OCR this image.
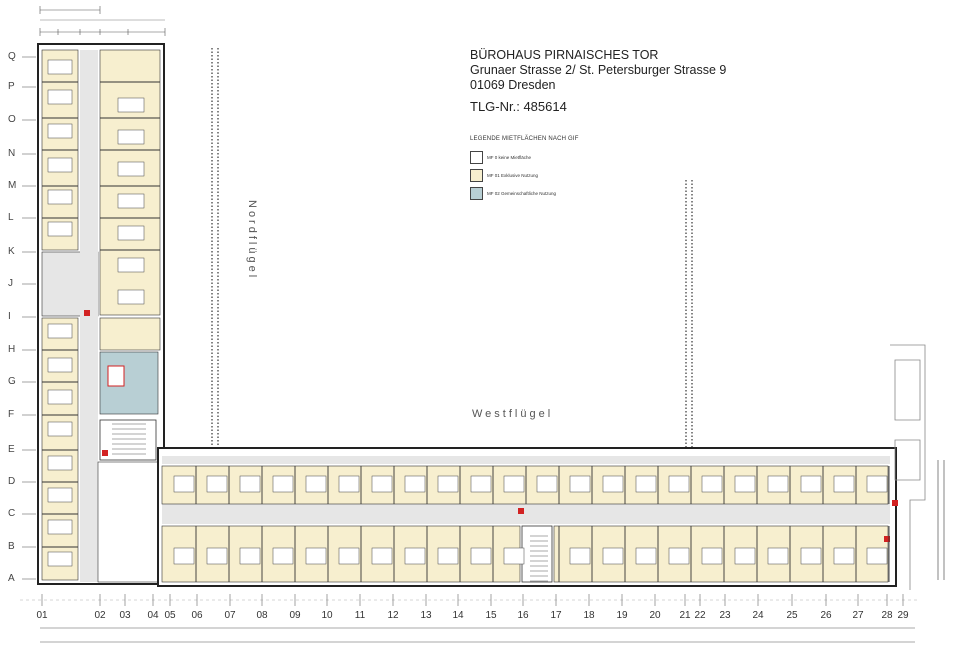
BÜROHAUS PIRNAISCHES TOR
Grunaer Strasse 2/ St. Petersburger Strasse 9
01069 Dresden
TLG-Nr.: 485614
LEGENDE MIETFLÄCHEN NACH GIF
MF 0 keine Mietfläche
MF 01 Exklusive Nutzung
MF 02 Gemeinschaftliche Nutzung
Nordflügel
Westflügel
Q
P
O
N
M
L
K
J
I
H
G
F
E
D
C
B
A
01	02	03	04 05	06	07	08	09	10	11	12	13	14	15	16	17	18	19	20	21 22	23	24	25	26	27	28 29
